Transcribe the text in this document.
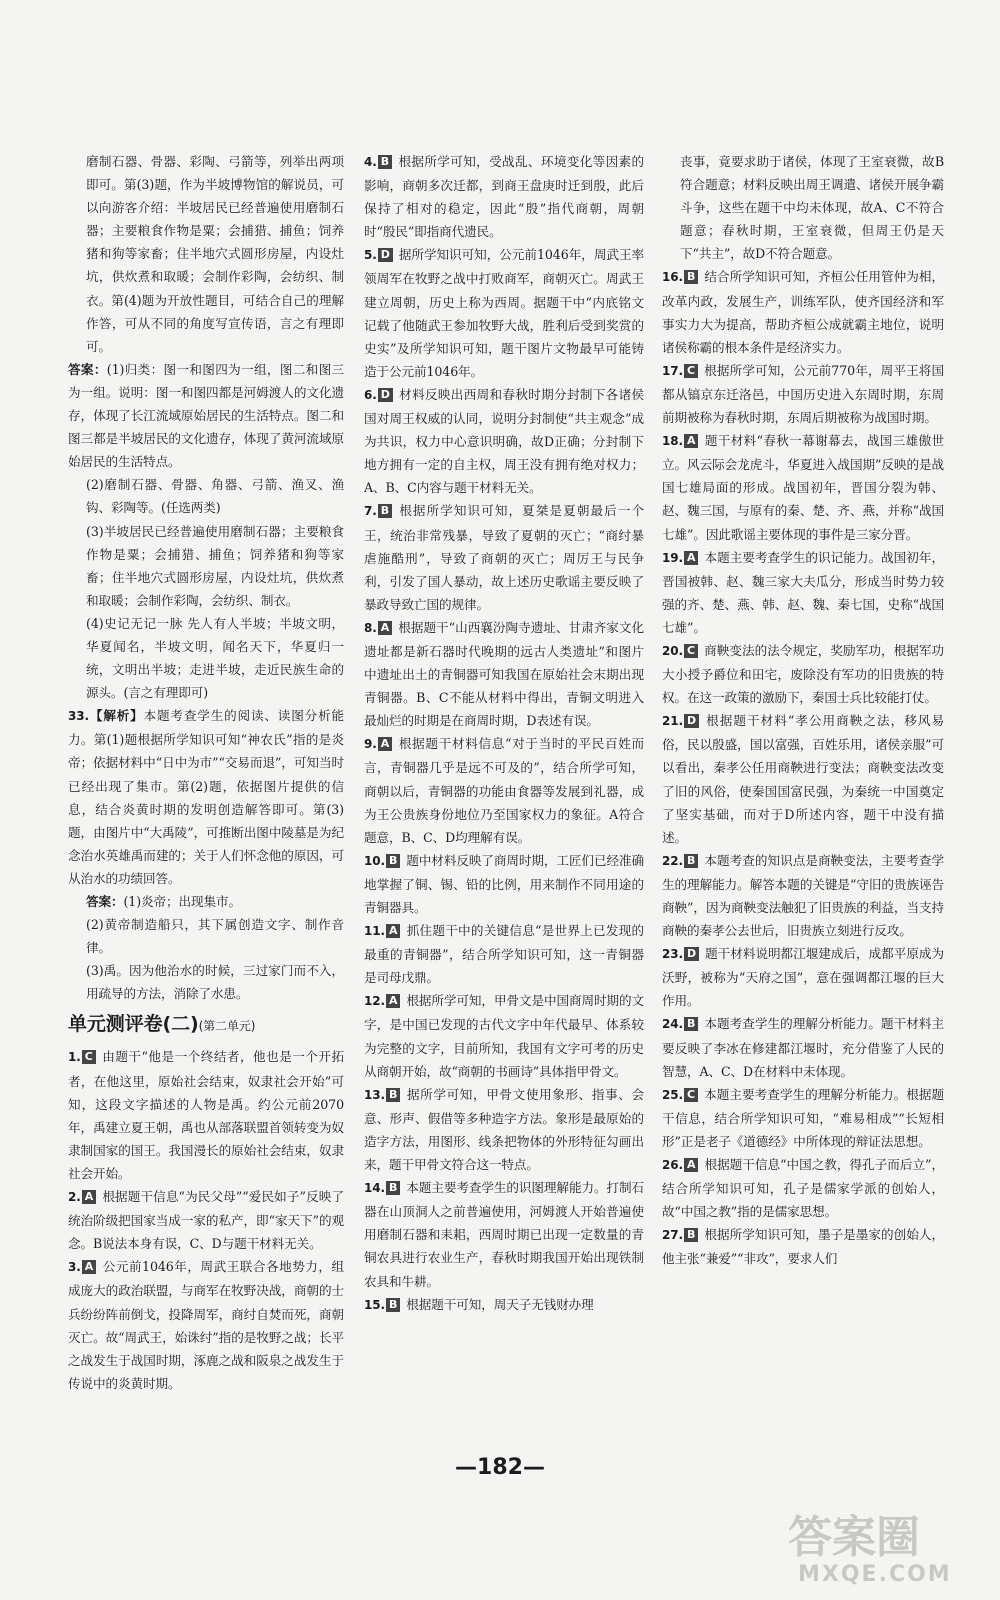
磨制石器、骨器、彩陶、弓箭等，列举出两项即可。第(3)题，作为半坡博物馆的解说员，可以向游客介绍：半坡居民已经普遍使用磨制石器；主要粮食作物是粟；会捕猎、捕鱼；饲养猪和狗等家畜；住半地穴式圆形房屋，内设灶坑，供炊煮和取暖；会制作彩陶，会纺织、制衣。第(4)题为开放性题目，可结合自己的理解作答，可从不同的角度写宣传语，言之有理即可。

答案：(1)归类：图一和图四为一组，图二和图三为一组。说明：图一和图四都是河姆渡人的文化遗存，体现了长江流域原始居民的生活特点。图二和图三都是半坡居民的文化遗存，体现了黄河流域原始居民的生活特点。

(2)磨制石器、骨器、角器、弓箭、渔叉、渔钩、彩陶等。(任选两类)

(3)半坡居民已经普遍使用磨制石器；主要粮食作物是粟；会捕猎、捕鱼；饲养猪和狗等家畜；住半地穴式圆形房屋，内设灶坑，供炊煮和取暖；会制作彩陶，会纺织、制衣。

(4)史记无记一脉 先人有人半坡；半坡文明，华夏闻名，半坡文明，闻名天下，华夏归一统，文明出半坡；走进半坡，走近民族生命的源头。(言之有理即可)

33.【解析】本题考查学生的阅读、读图分析能力。第(1)题根据所学知识可知“神农氏”指的是炎帝；依据材料中“日中为市”“交易而退”，可知当时已经出现了集市。第(2)题，依据图片提供的信息，结合炎黄时期的发明创造解答即可。第(3)题，由图片中“大禹陵”，可推断出图中陵墓是为纪念治水英雄禹而建的；关于人们怀念他的原因，可从治水的功绩回答。

答案：(1)炎帝；出现集市。

(2)黄帝制造船只，其下属创造文字、制作音律。

(3)禹。因为他治水的时候，三过家门而不入，用疏导的方法，消除了水患。

单元测评卷(二)(第二单元)

1. C 由题干“他是一个终结者，他也是一个开拓者，在他这里，原始社会结束，奴隶社会开始”可知，这段文字描述的人物是禹。约公元前2070年，禹建立夏王朝，禹也从部落联盟首领转变为奴隶制国家的国王。我国漫长的原始社会结束，奴隶社会开始。

2. A 根据题干信息“为民父母”“爱民如子”反映了统治阶级把国家当成一家的私产，即“家天下”的观念。B说法本身有误，C、D与题干材料无关。

3. A 公元前1046年，周武王联合各地势力，组成庞大的政治联盟，与商军在牧野决战，商朝的士兵纷纷阵前倒戈，投降周军，商纣自焚而死，商朝灭亡。故“周武王，始诛纣”指的是牧野之战；长平之战发生于战国时期，涿鹿之战和阪泉之战发生于传说中的炎黄时期。

4. B 根据所学可知，受战乱、环境变化等因素的影响，商朝多次迁都，到商王盘庚时迁到殷，此后保持了相对的稳定，因此“殷”指代商朝，周朝时“殷民”即指商代遗民。

5. D 据所学知识可知，公元前1046年，周武王率领周军在牧野之战中打败商军，商朝灭亡。周武王建立周朝，历史上称为西周。据题干中“内底铭文记载了他随武王参加牧野大战，胜利后受到奖赏的史实”及所学知识可知，题干图片文物最早可能铸造于公元前1046年。

6. D 材料反映出西周和春秋时期分封制下各诸侯国对周王权威的认同，说明分封制使“共主观念”成为共识，权力中心意识明确，故D正确；分封制下地方拥有一定的自主权，周王没有拥有绝对权力；A、B、C内容与题干材料无关。

7. B 根据所学知识可知，夏桀是夏朝最后一个王，统治非常残暴，导致了夏朝的灭亡；“商纣暴虐施酷刑”，导致了商朝的灭亡；周厉王与民争利，引发了国人暴动，故上述历史歌谣主要反映了暴政导致亡国的规律。

8. A 根据题干“山西襄汾陶寺遗址、甘肃齐家文化遗址都是新石器时代晚期的远古人类遗址”和图片中遗址出土的青铜器可知我国在原始社会末期出现青铜器。B、C不能从材料中得出，青铜文明进入最灿烂的时期是在商周时期，D表述有误。

9. A 根据题干材料信息“对于当时的平民百姓而言，青铜器几乎是远不可及的”，结合所学可知，商朝以后，青铜器的功能由食器等发展到礼器，成为王公贵族身份地位乃至国家权力的象征。A符合题意，B、C、D均理解有误。

10. B 题中材料反映了商周时期，工匠们已经准确地掌握了铜、锡、铅的比例，用来制作不同用途的青铜器具。

11. A 抓住题干中的关键信息“是世界上已发现的最重的青铜器”，结合所学知识可知，这一青铜器是司母戊鼎。

12. A 根据所学可知，甲骨文是中国商周时期的文字，是中国已发现的古代文字中年代最早、体系较为完整的文字，目前所知，我国有文字可考的历史从商朝开始，故“商朝的书画诗”具体指甲骨文。

13. B 据所学可知，甲骨文使用象形、指事、会意、形声、假借等多种造字方法。象形是最原始的造字方法，用图形、线条把物体的外形特征勾画出来，题干甲骨文符合这一特点。

14. B 本题主要考查学生的识图理解能力。打制石器在山顶洞人之前普遍使用，河姆渡人开始普遍使用磨制石器和耒耜，西周时期已出现一定数量的青铜农具进行农业生产，春秋时期我国开始出现铁制农具和牛耕。

15. B 根据题干可知，周天子无钱财办理

丧事，竟要求助于诸侯，体现了王室衰微，故B符合题意；材料反映出周王调遣、诸侯开展争霸斗争，这些在题干中均未体现，故A、C不符合题意；春秋时期，王室衰微，但周王仍是天下“共主”，故D不符合题意。

16. B 结合所学知识可知，齐桓公任用管仲为相，改革内政，发展生产，训练军队，使齐国经济和军事实力大为提高，帮助齐桓公成就霸主地位，说明诸侯称霸的根本条件是经济实力。

17. C 根据所学可知，公元前770年，周平王将国都从镐京东迁洛邑，中国历史进入东周时期，东周前期被称为春秋时期，东周后期被称为战国时期。

18. A 题干材料“春秋一幕谢幕去，战国三雄傲世立。风云际会龙虎斗，华夏进入战国期”反映的是战国七雄局面的形成。战国初年，晋国分裂为韩、赵、魏三国，与原有的秦、楚、齐、燕，并称“战国七雄”。因此歌谣主要体现的事件是三家分晋。

19. A 本题主要考查学生的识记能力。战国初年，晋国被韩、赵、魏三家大夫瓜分，形成当时势力较强的齐、楚、燕、韩、赵、魏、秦七国，史称“战国七雄”。

20. C 商鞅变法的法令规定，奖励军功，根据军功大小授予爵位和田宅，废除没有军功的旧贵族的特权。在这一政策的激励下，秦国士兵比较能打仗。

21. D 根据题干材料“孝公用商鞅之法，移风易俗，民以殷盛，国以富强，百姓乐用，诸侯亲服”可以看出，秦孝公任用商鞅进行变法；商鞅变法改变了旧的风俗，使秦国国富民强，为秦统一中国奠定了坚实基础，而对于D所述内容，题干中没有描述。

22. B 本题考查的知识点是商鞅变法，主要考查学生的理解能力。解答本题的关键是“守旧的贵族诬告商鞅”，因为商鞅变法触犯了旧贵族的利益，当支持商鞅的秦孝公去世后，旧贵族立刻进行反攻。

23. D 题干材料说明都江堰建成后，成都平原成为沃野，被称为“天府之国”，意在强调都江堰的巨大作用。

24. B 本题考查学生的理解分析能力。题干材料主要反映了李冰在修建都江堰时，充分借鉴了人民的智慧，A、C、D在材料中未体现。

25. C 本题主要考查学生的理解分析能力。根据题干信息，结合所学知识可知，“难易相成”“长短相形”正是老子《道德经》中所体现的辩证法思想。

26. A 根据题干信息“中国之教，得孔子而后立”，结合所学知识可知，孔子是儒家学派的创始人，故“中国之教”指的是儒家思想。

27. B 根据所学知识可知，墨子是墨家的创始人，他主张“兼爱”“非攻”，要求人们

—182—
答案圈
MXQE.COM
